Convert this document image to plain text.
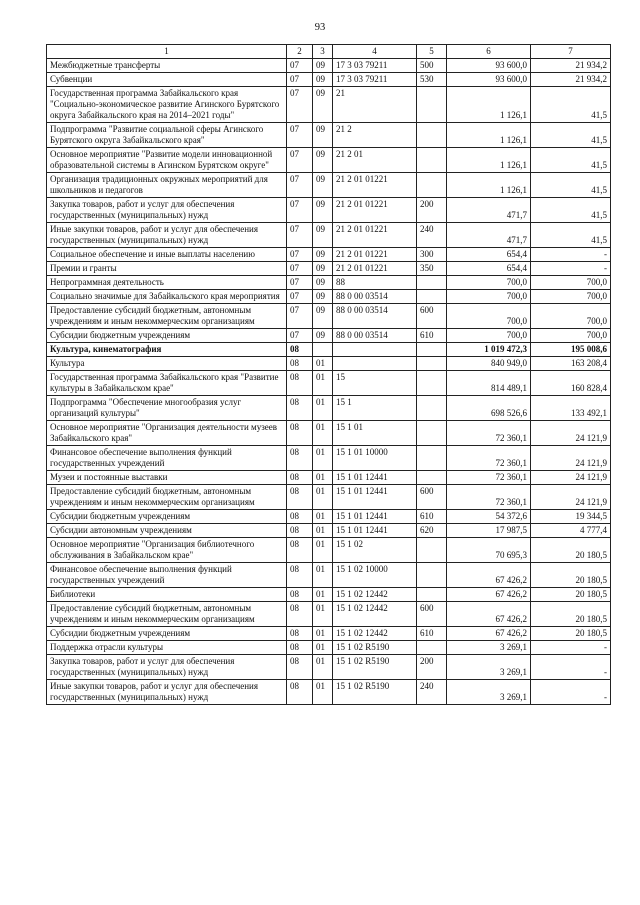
93
1	2	3	4	5	6	7
Межбюджетные трансферты	07	09	17 3 03 79211	500	93 600,0	21 934,2
Субвенции	07	09	17 3 03 79211	530	93 600,0	21 934,2
Государственная программа Забайкальского края "Социально-экономическое развитие Агинского Бурятского округа Забайкальского края на 2014–2021 годы"	07	09	21		1 126,1	41,5
Подпрограмма "Развитие социальной сферы Агинского Бурятского округа Забайкальского края"	07	09	21 2		1 126,1	41,5
Основное мероприятие "Развитие модели инновационной образовательной системы в Агинском Бурятском округе"	07	09	21 2 01		1 126,1	41,5
Организация традиционных окружных мероприятий для школьников и педагогов	07	09	21 2 01 01221		1 126,1	41,5
Закупка товаров, работ и услуг для обеспечения государственных (муниципальных) нужд	07	09	21 2 01 01221	200	471,7	41,5
Иные закупки товаров, работ и услуг для обеспечения государственных (муниципальных) нужд	07	09	21 2 01 01221	240	471,7	41,5
Социальное обеспечение и иные выплаты населению	07	09	21 2 01 01221	300	654,4	-
Премии и гранты	07	09	21 2 01 01221	350	654,4	-
Непрограммная деятельность	07	09	88		700,0	700,0
Социально значимые для Забайкальского края мероприятия	07	09	88 0 00 03514		700,0	700,0
Предоставление субсидий бюджетным, автономным учреждениям и иным некоммерческим организациям	07	09	88 0 00 03514	600	700,0	700,0
Субсидии бюджетным учреждениям	07	09	88 0 00 03514	610	700,0	700,0
Культура, кинематография	08				1 019 472,3	195 008,6
Культура	08	01			840 949,0	163 208,4
Государственная программа Забайкальского края "Развитие культуры в Забайкальском крае"	08	01	15		814 489,1	160 828,4
Подпрограмма "Обеспечение многообразия услуг организаций культуры"	08	01	15 1		698 526,6	133 492,1
Основное мероприятие "Организация деятельности музеев Забайкальского края"	08	01	15 1 01		72 360,1	24 121,9
Финансовое обеспечение выполнения функций государственных учреждений	08	01	15 1 01 10000		72 360,1	24 121,9
Музеи и постоянные выставки	08	01	15 1 01 12441		72 360,1	24 121,9
Предоставление субсидий бюджетным, автономным учреждениям и иным некоммерческим организациям	08	01	15 1 01 12441	600	72 360,1	24 121,9
Субсидии бюджетным учреждениям	08	01	15 1 01 12441	610	54 372,6	19 344,5
Субсидии автономным учреждениям	08	01	15 1 01 12441	620	17 987,5	4 777,4
Основное мероприятие "Организация библиотечного обслуживания в Забайкальском крае"	08	01	15 1 02		70 695,3	20 180,5
Финансовое обеспечение выполнения функций государственных учреждений	08	01	15 1 02 10000		67 426,2	20 180,5
Библиотеки	08	01	15 1 02 12442		67 426,2	20 180,5
Предоставление субсидий бюджетным, автономным учреждениям и иным некоммерческим организациям	08	01	15 1 02 12442	600	67 426,2	20 180,5
Субсидии бюджетным учреждениям	08	01	15 1 02 12442	610	67 426,2	20 180,5
Поддержка отрасли культуры	08	01	15 1 02 R5190		3 269,1	-
Закупка товаров, работ и услуг для обеспечения государственных (муниципальных) нужд	08	01	15 1 02 R5190	200	3 269,1	-
Иные закупки товаров, работ и услуг для обеспечения государственных (муниципальных) нужд	08	01	15 1 02 R5190	240	3 269,1	-
